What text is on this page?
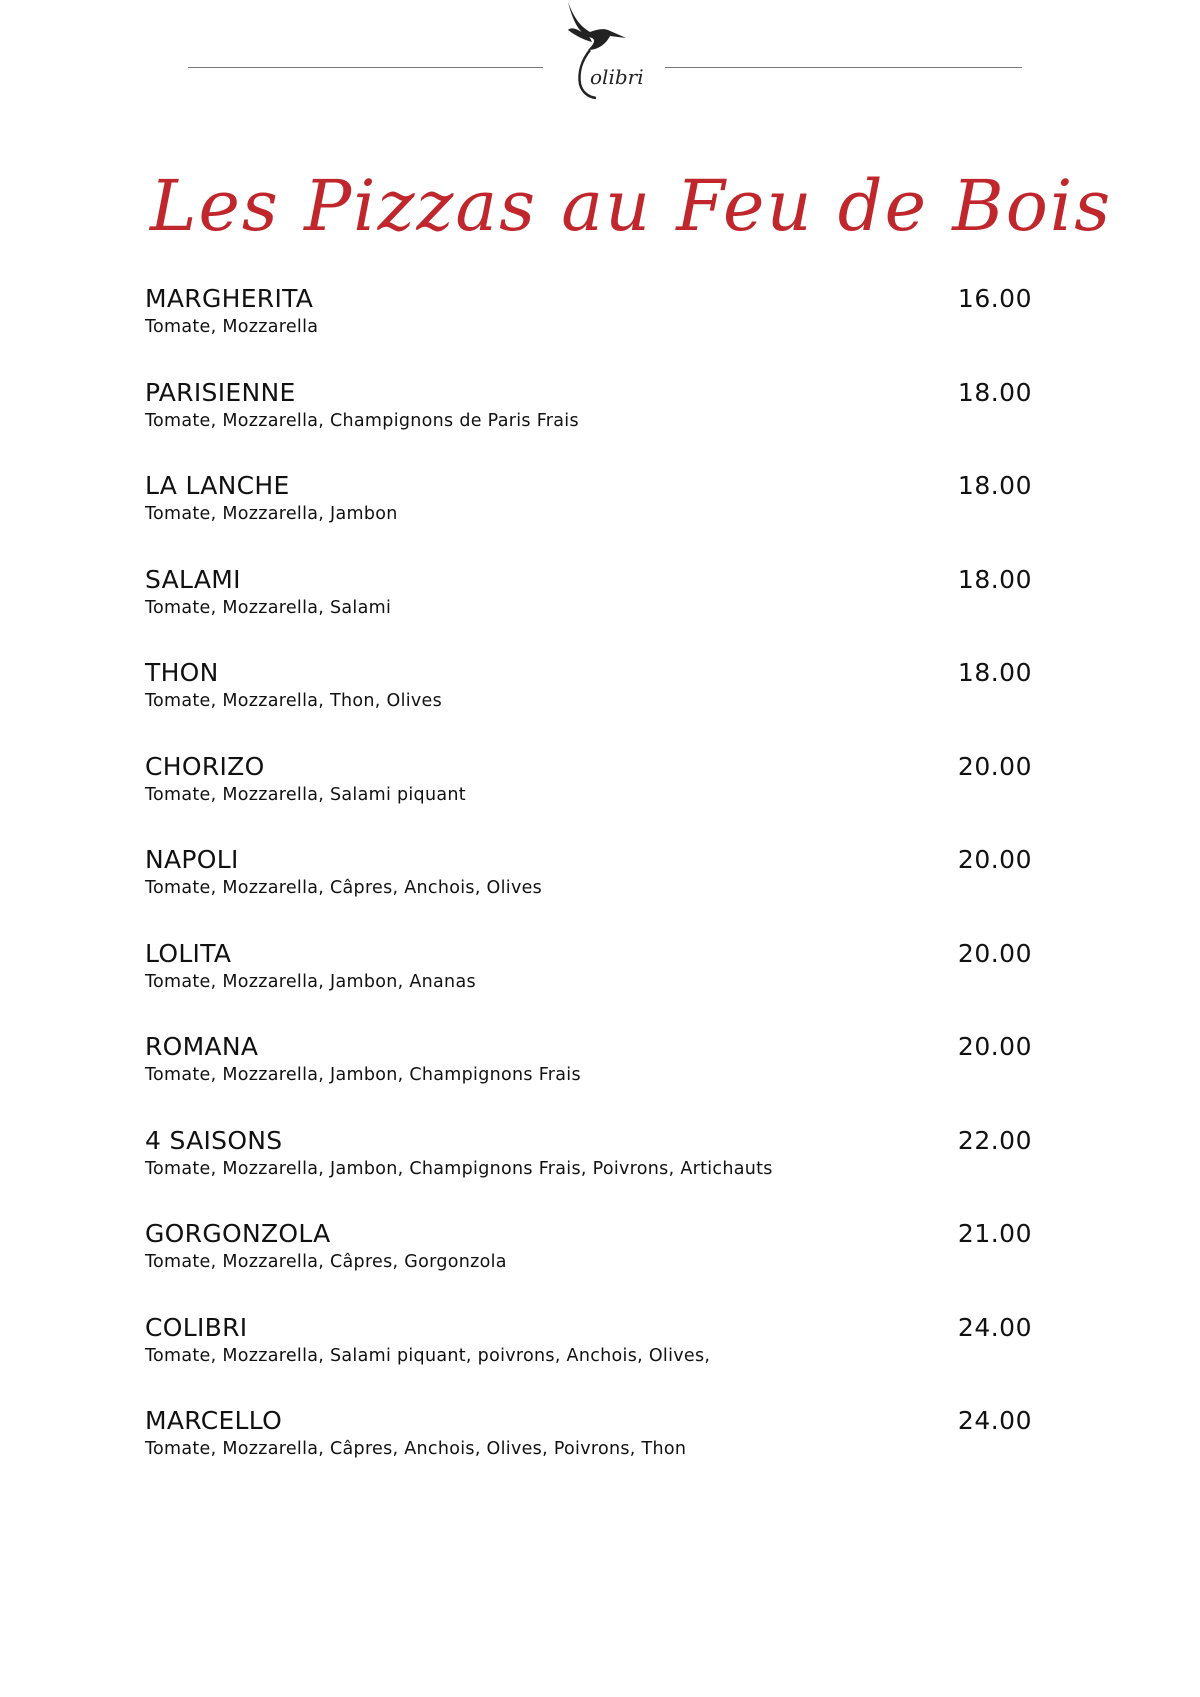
olibri
Les Pizzas au Feu de Bois
MARGHERITA
Tomate, Mozzarella
16.00
PARISIENNE
Tomate, Mozzarella, Champignons de Paris Frais
18.00
LA LANCHE
Tomate, Mozzarella, Jambon
18.00
SALAMI
Tomate, Mozzarella, Salami
18.00
THON
Tomate, Mozzarella, Thon, Olives
18.00
CHORIZO
Tomate, Mozzarella, Salami piquant
20.00
NAPOLI
Tomate, Mozzarella, Câpres, Anchois, Olives
20.00
LOLITA
Tomate, Mozzarella, Jambon, Ananas
20.00
ROMANA
Tomate, Mozzarella, Jambon, Champignons Frais
20.00
4 SAISONS
Tomate, Mozzarella, Jambon, Champignons Frais, Poivrons, Artichauts
22.00
GORGONZOLA
Tomate, Mozzarella, Câpres, Gorgonzola
21.00
COLIBRI
Tomate, Mozzarella, Salami piquant, poivrons, Anchois, Olives,
24.00
MARCELLO
Tomate, Mozzarella, Câpres, Anchois, Olives, Poivrons, Thon
24.00
